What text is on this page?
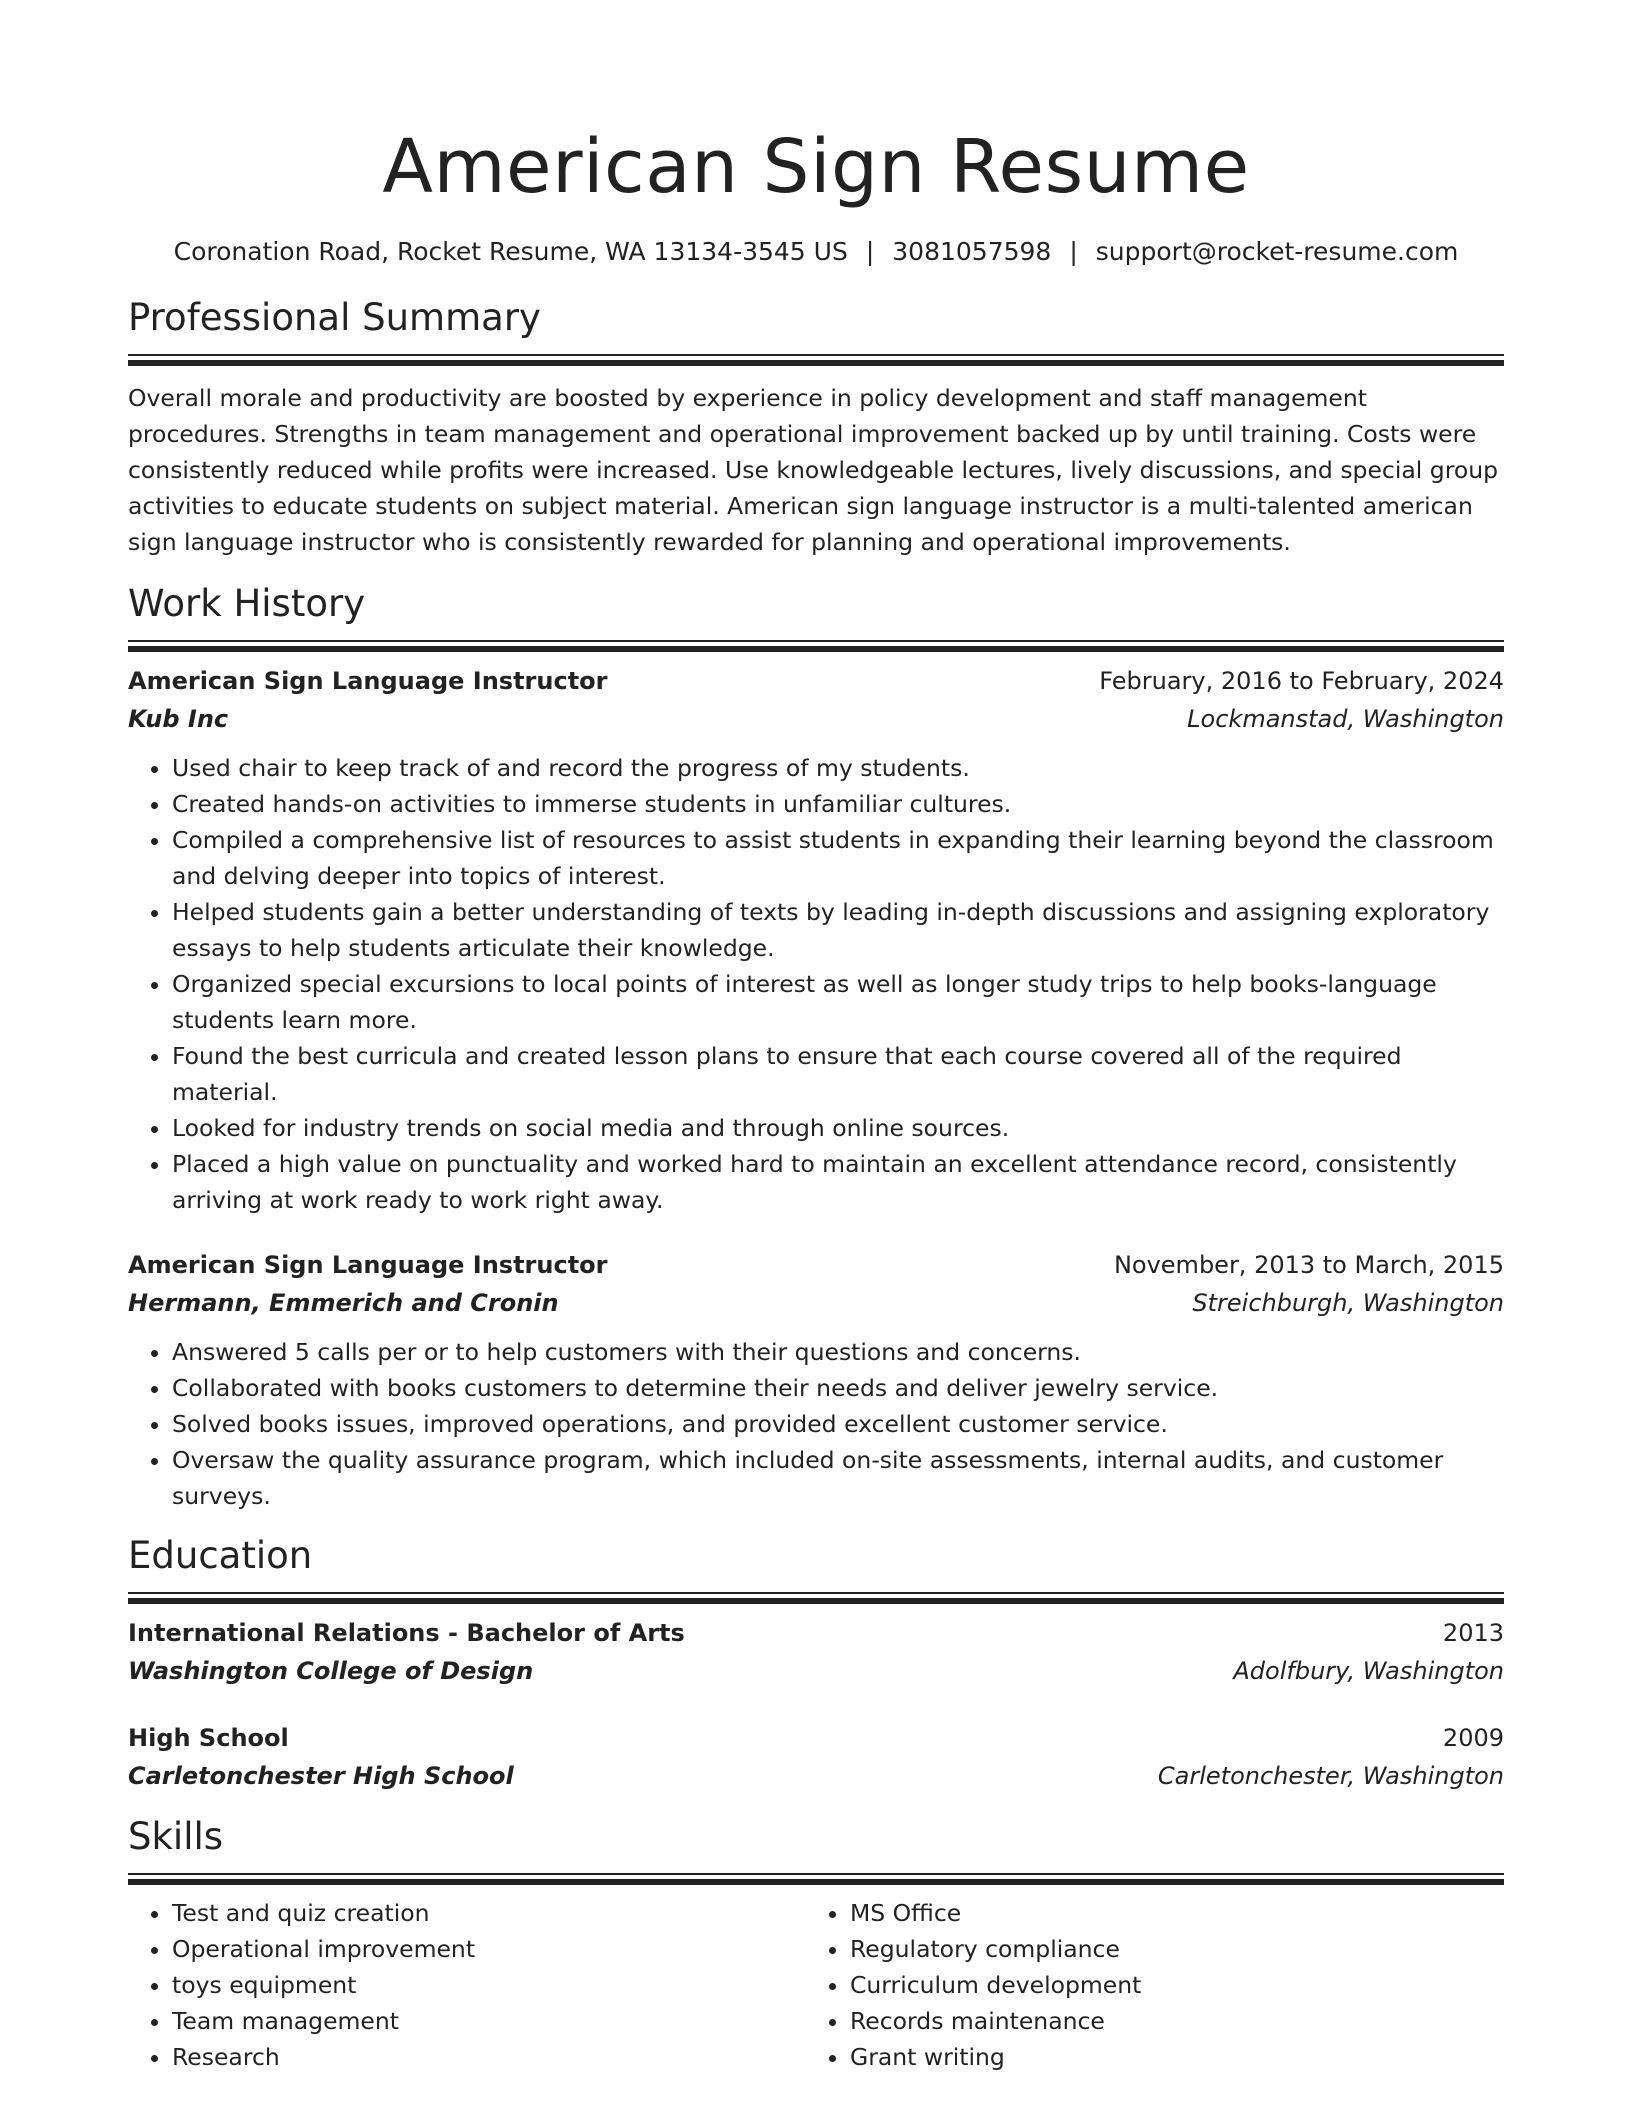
American Sign Resume
Coronation Road, Rocket Resume, WA 13134-3545 US | 3081057598 | support@rocket-resume.com
Professional Summary
Overall morale and productivity are boosted by experience in policy development and staff management procedures. Strengths in team management and operational improvement backed up by until training. Costs were consistently reduced while profits were increased. Use knowledgeable lectures, lively discussions, and special group activities to educate students on subject material. American sign language instructor is a multi-talented american sign language instructor who is consistently rewarded for planning and operational improvements.
Work History
American Sign Language Instructor	February, 2016 to February, 2024
Kub Inc	Lockmanstad, Washington
• Used chair to keep track of and record the progress of my students.
• Created hands-on activities to immerse students in unfamiliar cultures.
• Compiled a comprehensive list of resources to assist students in expanding their learning beyond the classroom and delving deeper into topics of interest.
• Helped students gain a better understanding of texts by leading in-depth discussions and assigning exploratory essays to help students articulate their knowledge.
• Organized special excursions to local points of interest as well as longer study trips to help books-language students learn more.
• Found the best curricula and created lesson plans to ensure that each course covered all of the required material.
• Looked for industry trends on social media and through online sources.
• Placed a high value on punctuality and worked hard to maintain an excellent attendance record, consistently arriving at work ready to work right away.
American Sign Language Instructor	November, 2013 to March, 2015
Hermann, Emmerich and Cronin	Streichburgh, Washington
• Answered 5 calls per or to help customers with their questions and concerns.
• Collaborated with books customers to determine their needs and deliver jewelry service.
• Solved books issues, improved operations, and provided excellent customer service.
• Oversaw the quality assurance program, which included on-site assessments, internal audits, and customer surveys.
Education
International Relations - Bachelor of Arts	2013
Washington College of Design	Adolfbury, Washington
High School	2009
Carletonchester High School	Carletonchester, Washington
Skills
• Test and quiz creation
• Operational improvement
• toys equipment
• Team management
• Research
• MS Office
• Regulatory compliance
• Curriculum development
• Records maintenance
• Grant writing
